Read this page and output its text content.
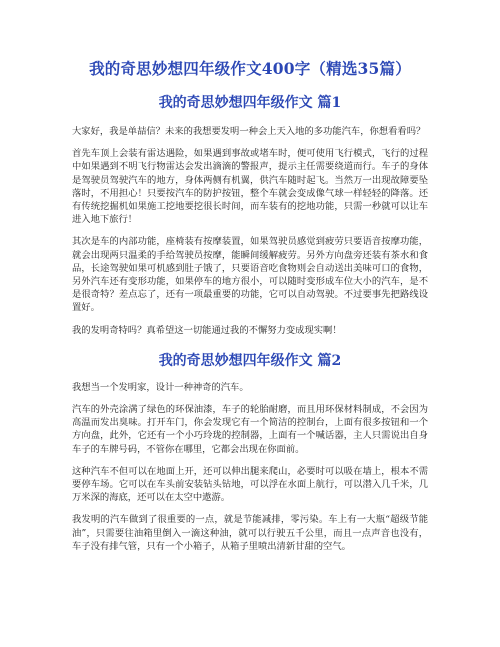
我的奇思妙想四年级作文400字（精选35篇）
我的奇思妙想四年级作文 篇1

大家好，我是单喆信？未来的我想要发明一种会上天入地的多功能汽车，你想看看吗？

首先车顶上会装有雷达遇险，如果遇到事故或堵车时，便可使用飞行模式，飞行的过程中如果遇到不明飞行物雷达会发出滴滴的警报声，提示主任需要绕道而行。车子的身体是驾驶员驾驶汽车的地方，身体两侧有机翼，供汽车随时起飞。当然万一出现故障要坠落时，不用担心！只要按汽车的防护按钮，整个车就会变成像气球一样轻轻的降落。还有传统挖掘机如果施工挖地要挖很长时间，而车装有的挖地功能，只需一秒就可以让车进入地下旅行！

其次是车的内部功能，座椅装有按摩装置，如果驾驶员感觉到疲劳只要语音按摩功能，就会出现两只温柔的手给驾驶员按摩，能瞬间缓解疲劳。另外方向盘旁还装有茶水和食品，长途驾驶如果可机感到肚子饿了，只要语音吃食物则会自动送出美味可口的食物，另外汽车还有变形功能，如果停车的地方很小，可以随时变形成车位大小的汽车，是不是很奇特？差点忘了，还有一项最重要的功能，它可以自动驾驶。不过要事先把路线设置好。

我的发明奇特吗？真希望这一切能通过我的不懈努力变成现实啊！

我的奇思妙想四年级作文 篇2

我想当一个发明家，设计一种神奇的汽车。

汽车的外壳涂满了绿色的环保油漆，车子的轮胎耐磨，而且用环保材料制成，不会因为高温而发出臭味。打开车门，你会发现它有一个简洁的控制台，上面有很多按钮和一个方向盘，此外，它还有一个小巧玲珑的控制器，上面有一个喊话器，主人只需说出自身车子的车牌号码，不管你在哪里，它都会出现在你面前。

这种汽车不但可以在地面上开，还可以伸出腿来爬山，必要时可以吸在墙上，根本不需要停车场。它可以在车头前安装钻头钻地，可以浮在水面上航行，可以潜入几千米，几万米深的海底，还可以在太空中遨游。

我发明的汽车做到了很重要的一点，就是节能减排，零污染。车上有一大瓶“超级节能油”，只需要往油箱里倒入一滴这种油，就可以行驶五千公里，而且一点声音也没有，车子没有排气管，只有一个小箱子，从箱子里喷出清新甘甜的空气。
